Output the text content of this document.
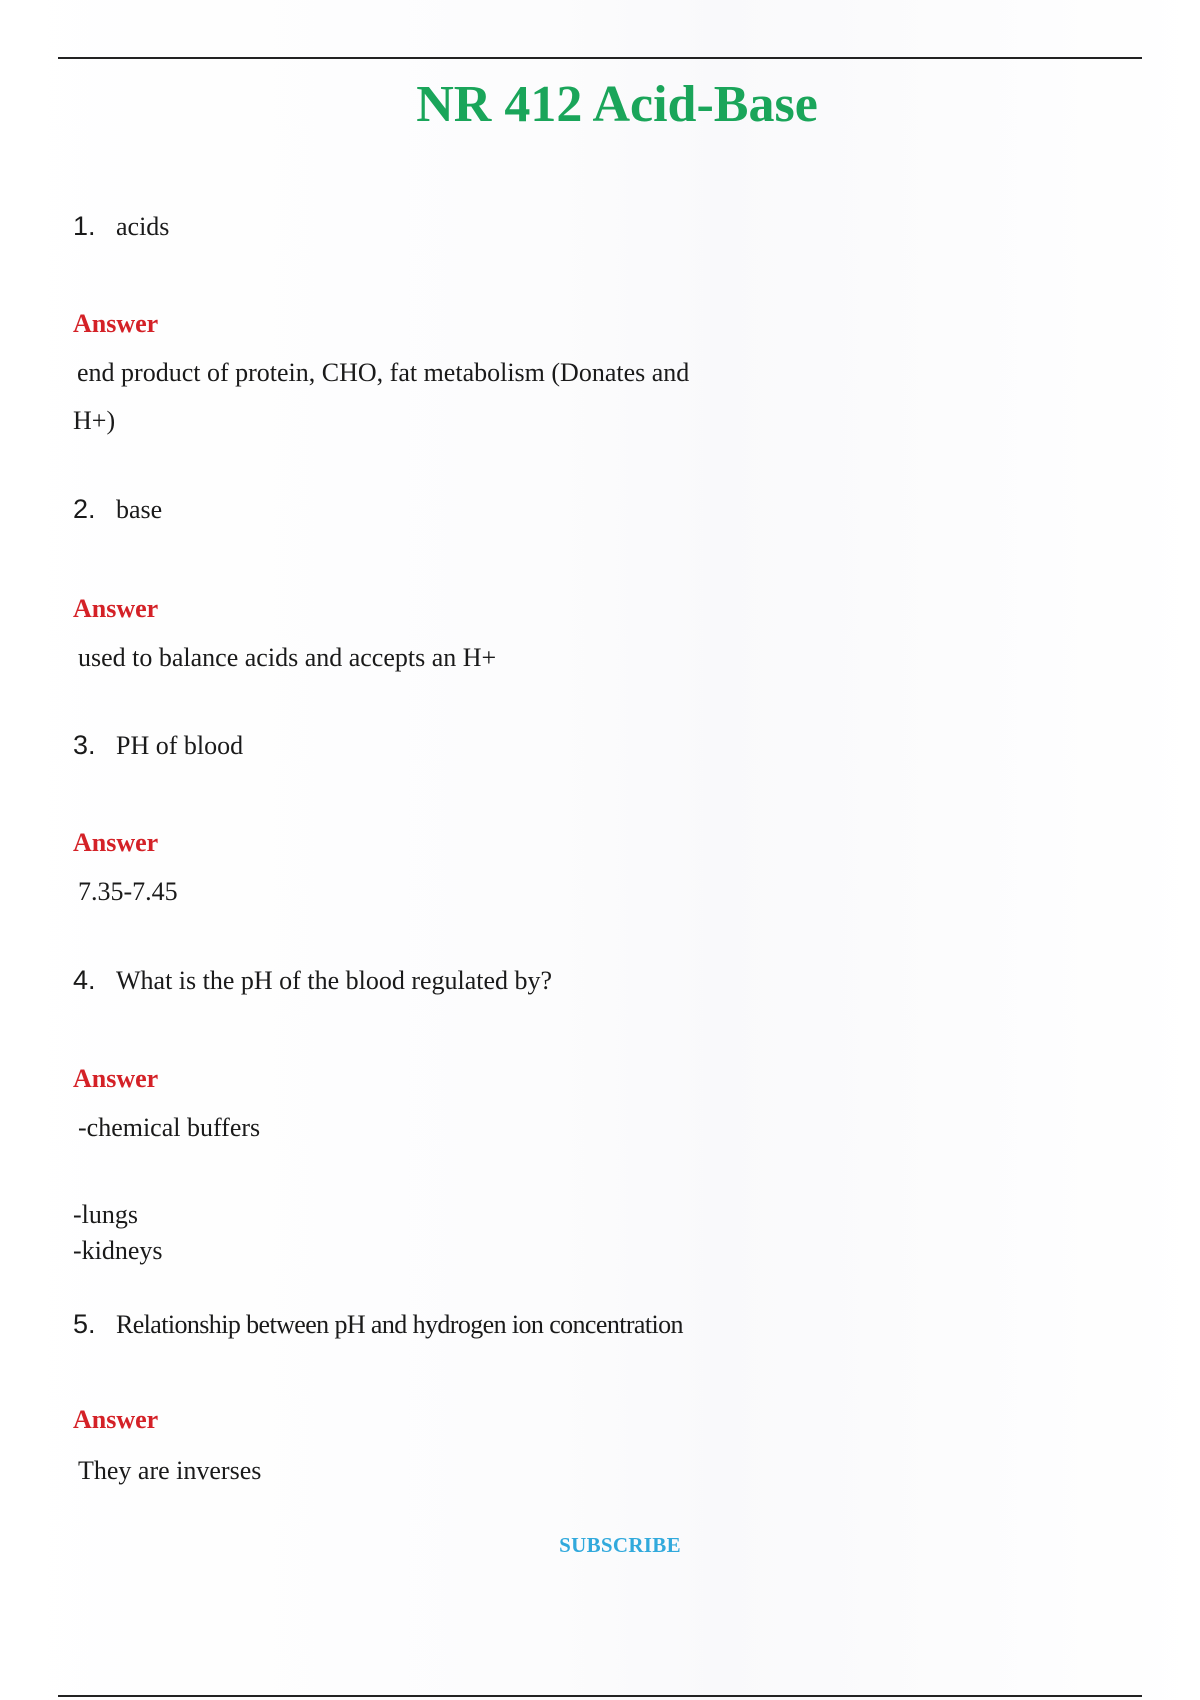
NR 412 Acid-Base
1. acids
Answer
end product of protein, CHO, fat metabolism (Donates and
H+)
2. base
Answer
used to balance acids and accepts an H+
3. PH of blood
Answer
7.35-7.45
4. What is the pH of the blood regulated by?
Answer
-chemical buffers
-lungs
-kidneys
5. Relationship between pH and hydrogen ion concentration
Answer
They are inverses
SUBSCRIBE
